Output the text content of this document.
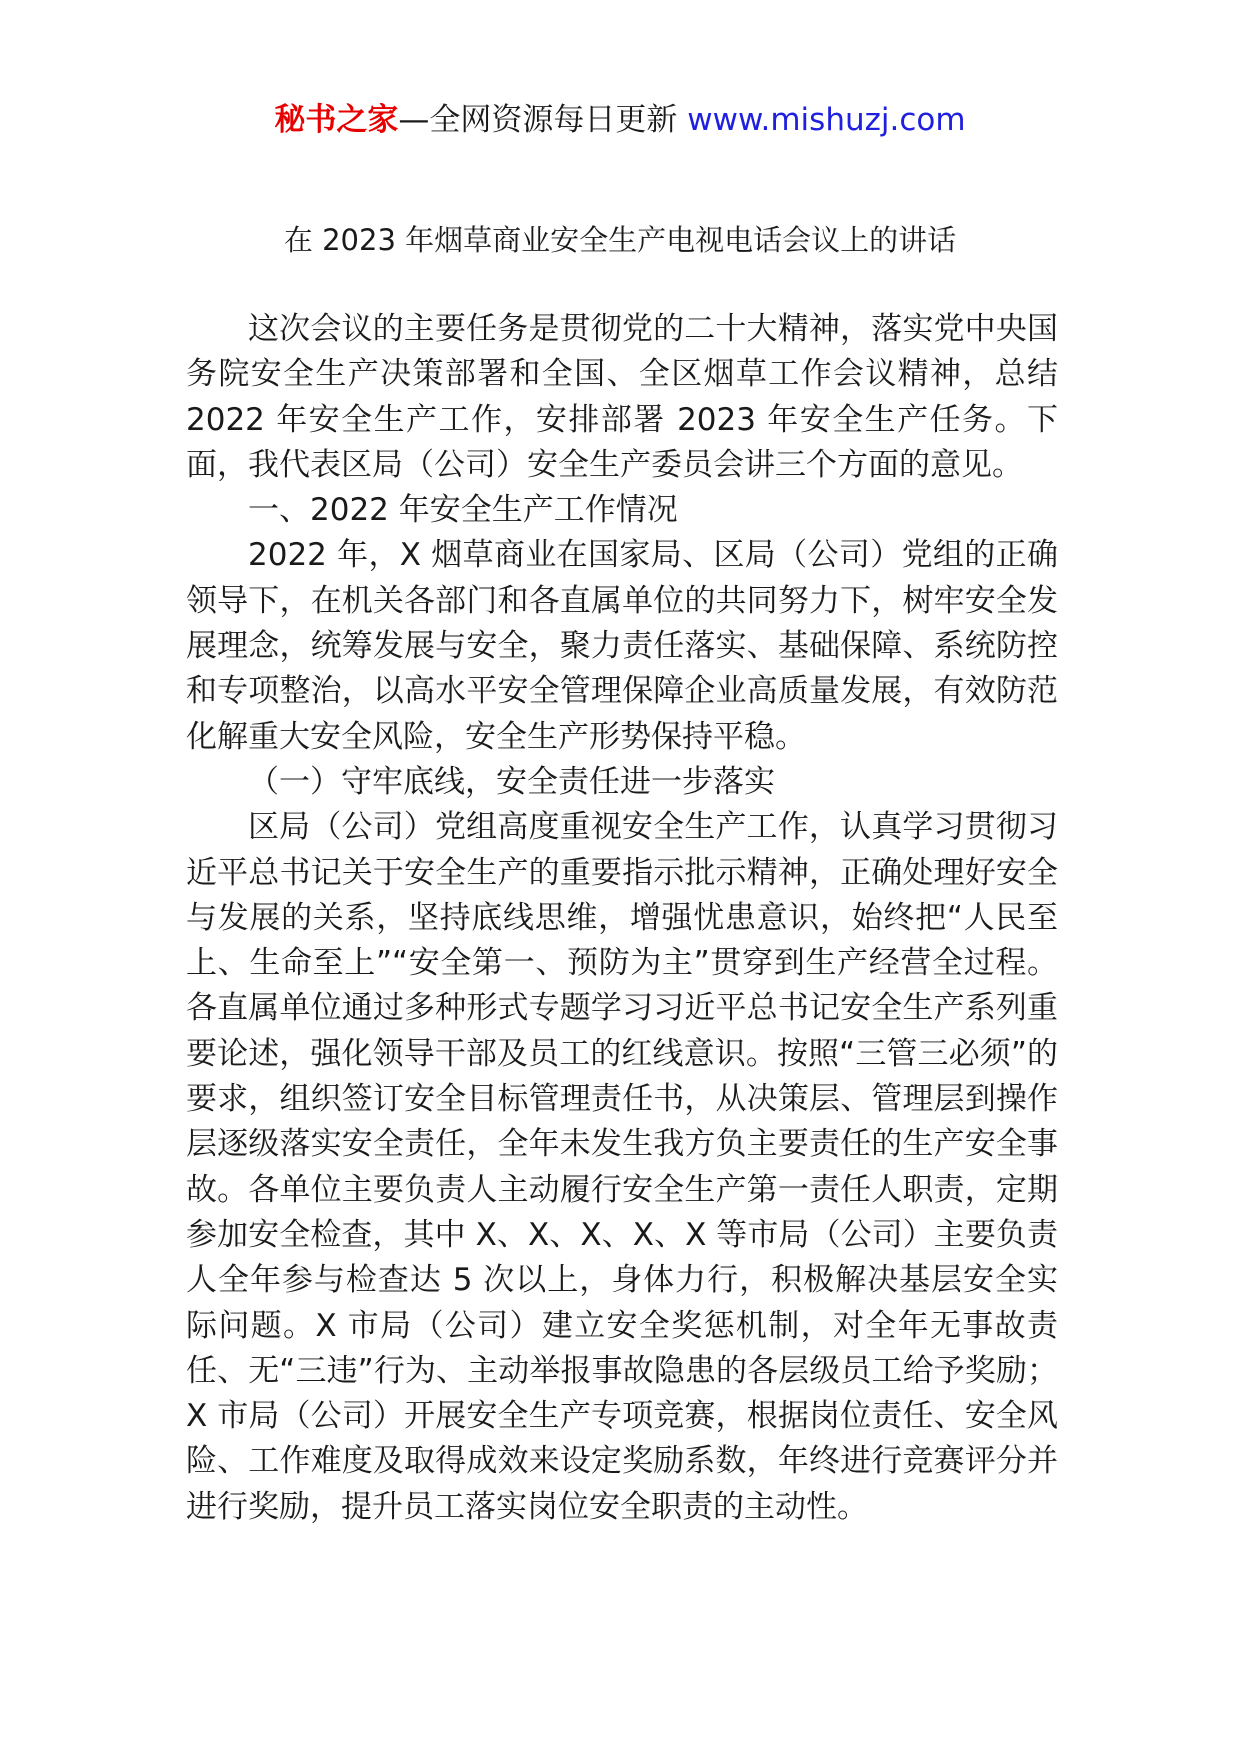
秘书之家—全网资源每日更新 www.mishuzj.com
在 2023 年烟草商业安全生产电视电话会议上的讲话

这次会议的主要任务是贯彻党的二十大精神，落实党中央国务院安全生产决策部署和全国、全区烟草工作会议精神，总结 2022 年安全生产工作，安排部署 2023 年安全生产任务。下面，我代表区局（公司）安全生产委员会讲三个方面的意见。

一、2022 年安全生产工作情况

2022 年，X 烟草商业在国家局、区局（公司）党组的正确领导下，在机关各部门和各直属单位的共同努力下，树牢安全发展理念，统筹发展与安全，聚力责任落实、基础保障、系统防控和专项整治，以高水平安全管理保障企业高质量发展，有效防范化解重大安全风险，安全生产形势保持平稳。

（一）守牢底线，安全责任进一步落实

区局（公司）党组高度重视安全生产工作，认真学习贯彻习近平总书记关于安全生产的重要指示批示精神，正确处理好安全与发展的关系，坚持底线思维，增强忧患意识，始终把“人民至上、生命至上”“安全第一、预防为主”贯穿到生产经营全过程。各直属单位通过多种形式专题学习习近平总书记安全生产系列重要论述，强化领导干部及员工的红线意识。按照“三管三必须”的要求，组织签订安全目标管理责任书，从决策层、管理层到操作层逐级落实安全责任，全年未发生我方负主要责任的生产安全事故。各单位主要负责人主动履行安全生产第一责任人职责，定期参加安全检查，其中 X、X、X、X、X 等市局（公司）主要负责人全年参与检查达 5 次以上，身体力行，积极解决基层安全实际问题。X 市局（公司）建立安全奖惩机制，对全年无事故责任、无“三违”行为、主动举报事故隐患的各层级员工给予奖励；X 市局（公司）开展安全生产专项竞赛，根据岗位责任、安全风险、工作难度及取得成效来设定奖励系数，年终进行竞赛评分并进行奖励，提升员工落实岗位安全职责的主动性。
